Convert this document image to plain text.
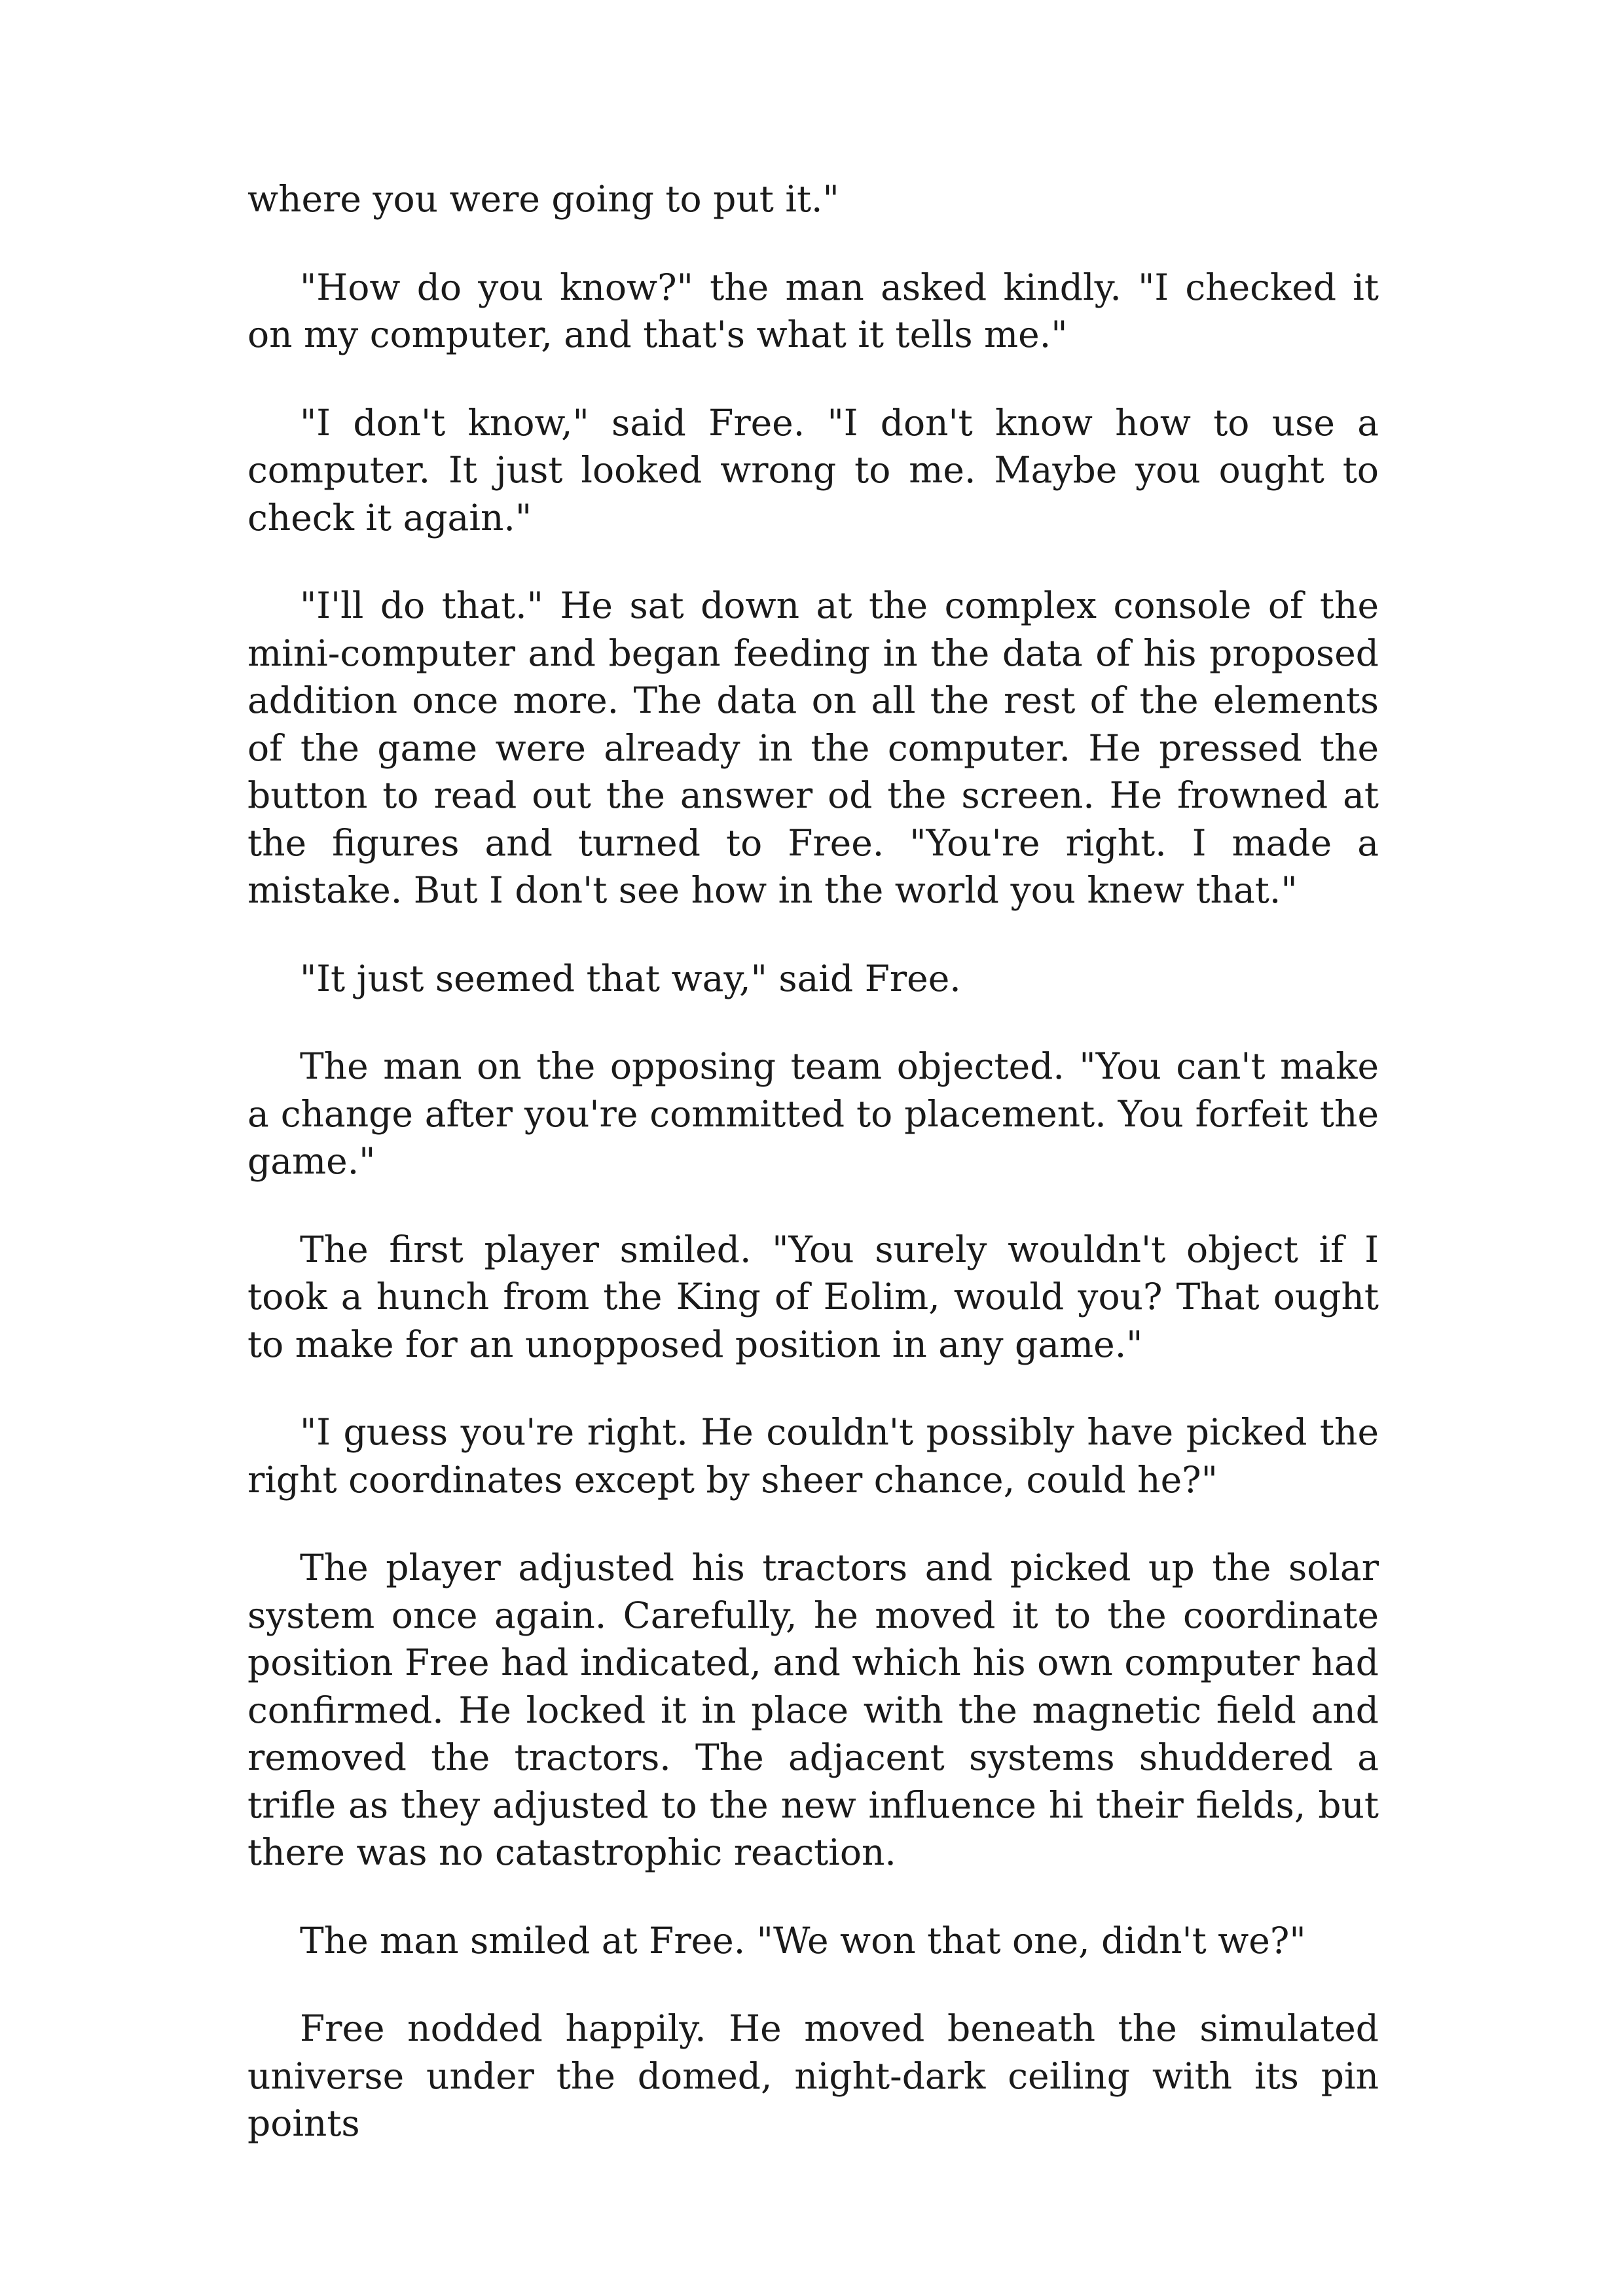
where you were going to put it."

"How do you know?" the man asked kindly. "I checked it on my computer, and that's what it tells me."

"I don't know," said Free. "I don't know how to use a computer. It just looked wrong to me. Maybe you ought to check it again."

"I'll do that." He sat down at the complex console of the mini-computer and began feeding in the data of his proposed addition once more. The data on all the rest of the elements of the game were already in the computer. He pressed the button to read out the answer od the screen. He frowned at the figures and turned to Free. "You're right. I made a mistake. But I don't see how in the world you knew that."

"It just seemed that way," said Free.

The man on the opposing team objected. "You can't make a change after you're committed to placement. You forfeit the game."

The first player smiled. "You surely wouldn't object if I took a hunch from the King of Eolim, would you? That ought to make for an unopposed position in any game."

"I guess you're right. He couldn't possibly have picked the right coordinates except by sheer chance, could he?"

The player adjusted his tractors and picked up the solar system once again. Carefully, he moved it to the coordinate position Free had indicated, and which his own computer had confirmed. He locked it in place with the magnetic field and removed the tractors. The adjacent systems shuddered a trifle as they adjusted to the new influence hi their fields, but there was no catastrophic reaction.

The man smiled at Free. "We won that one, didn't we?"

Free nodded happily. He moved beneath the simulated universe under the domed, night-dark ceiling with its pin points
